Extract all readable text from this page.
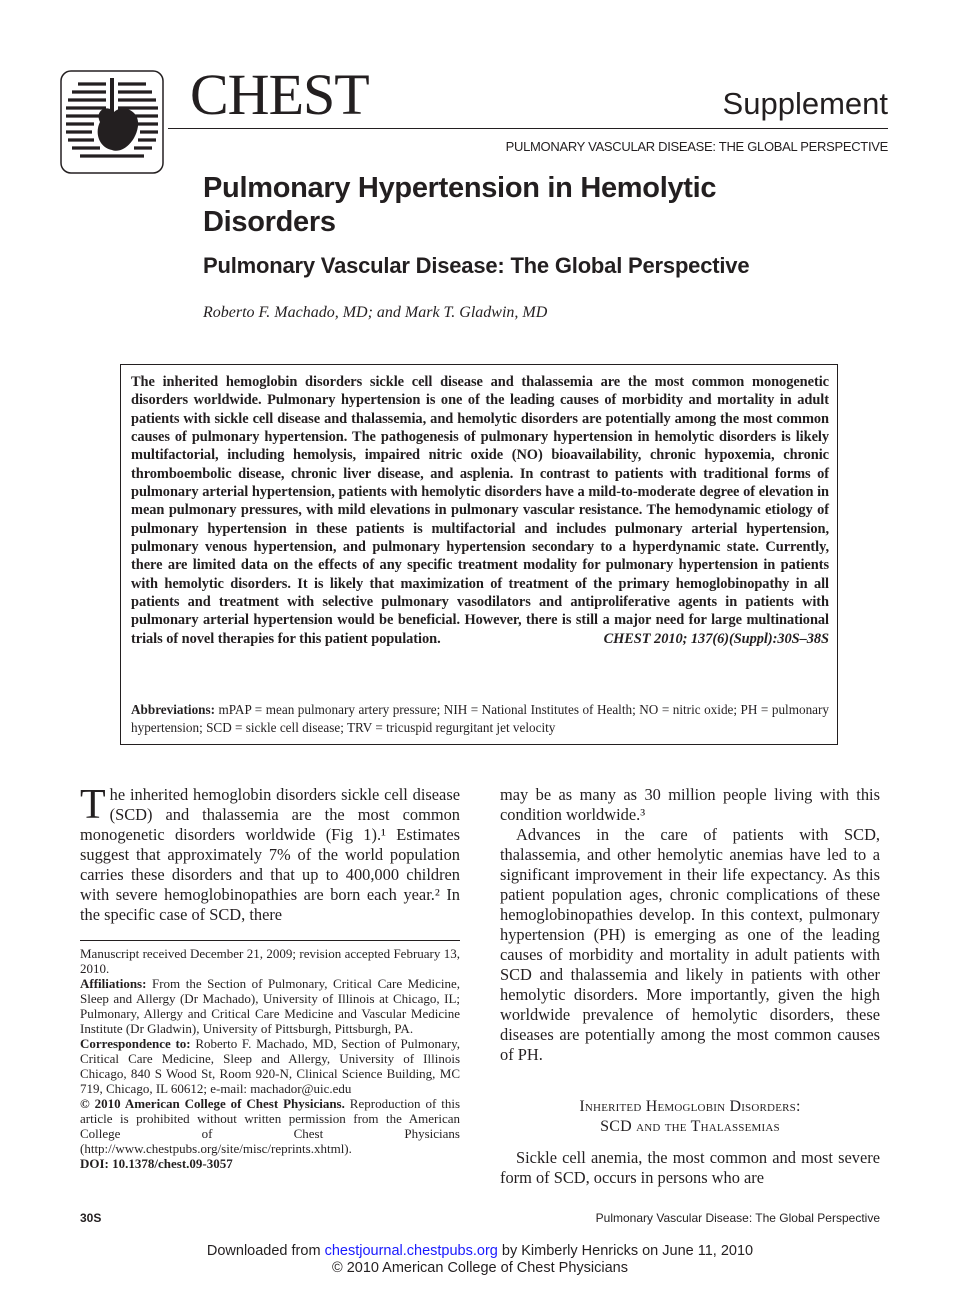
CHEST	Supplement
PULMONARY VASCULAR DISEASE: THE GLOBAL PERSPECTIVE
Pulmonary Hypertension in Hemolytic Disorders
Pulmonary Vascular Disease: The Global Perspective
Roberto F. Machado, MD; and Mark T. Gladwin, MD
The inherited hemoglobin disorders sickle cell disease and thalassemia are the most common monogenetic disorders worldwide. Pulmonary hypertension is one of the leading causes of morbidity and mortality in adult patients with sickle cell disease and thalassemia, and hemolytic disorders are potentially among the most common causes of pulmonary hypertension. The pathogenesis of pulmonary hypertension in hemolytic disorders is likely multifactorial, including hemolysis, impaired nitric oxide (NO) bioavailability, chronic hypoxemia, chronic thromboembolic disease, chronic liver disease, and asplenia. In contrast to patients with traditional forms of pulmonary arterial hypertension, patients with hemolytic disorders have a mild-to-moderate degree of elevation in mean pulmonary pressures, with mild elevations in pulmonary vascular resistance. The hemodynamic etiology of pulmonary hypertension in these patients is multifactorial and includes pulmonary arterial hypertension, pulmonary venous hypertension, and pulmonary hypertension secondary to a hyperdynamic state. Currently, there are limited data on the effects of any specific treatment modality for pulmonary hypertension in patients with hemolytic disorders. It is likely that maximization of treatment of the primary hemoglobinopathy in all patients and treatment with selective pulmonary vasodilators and antiproliferative agents in patients with pulmonary arterial hypertension would be beneficial. However, there is still a major need for large multinational trials of novel therapies for this patient population.	CHEST 2010; 137(6)(Suppl):30S–38S
Abbreviations: mPAP = mean pulmonary artery pressure; NIH = National Institutes of Health; NO = nitric oxide; PH = pulmonary hypertension; SCD = sickle cell disease; TRV = tricuspid regurgitant jet velocity
The inherited hemoglobin disorders sickle cell disease (SCD) and thalassemia are the most common monogenetic disorders worldwide (Fig 1).¹ Estimates suggest that approximately 7% of the world population carries these disorders and that up to 400,000 children with severe hemoglobinopathies are born each year.² In the specific case of SCD, there

Manuscript received December 21, 2009; revision accepted February 13, 2010.

Affiliations: From the Section of Pulmonary, Critical Care Medicine, Sleep and Allergy (Dr Machado), University of Illinois at Chicago, IL; Pulmonary, Allergy and Critical Care Medicine and Vascular Medicine Institute (Dr Gladwin), University of Pittsburgh, Pittsburgh, PA.

Correspondence to: Roberto F. Machado, MD, Section of Pulmonary, Critical Care Medicine, Sleep and Allergy, University of Illinois Chicago, 840 S Wood St, Room 920-N, Clinical Science Building, MC 719, Chicago, IL 60612; e-mail: machador@uic.edu

© 2010 American College of Chest Physicians. Reproduction of this article is prohibited without written permission from the American College of Chest Physicians (http://www.chestpubs.org/site/misc/reprints.xhtml).

DOI: 10.1378/chest.09-3057

may be as many as 30 million people living with this condition worldwide.³

Advances in the care of patients with SCD, thalassemia, and other hemolytic anemias have led to a significant improvement in their life expectancy. As this patient population ages, chronic complications of these hemoglobinopathies develop. In this context, pulmonary hypertension (PH) is emerging as one of the leading causes of morbidity and mortality in adult patients with SCD and thalassemia and likely in patients with other hemolytic disorders. More importantly, given the high worldwide prevalence of hemolytic disorders, these diseases are potentially among the most common causes of PH.

Inherited Hemoglobin Disorders:
SCD and the Thalassemias
Sickle cell anemia, the most common and most severe form of SCD, occurs in persons who are
30S	Pulmonary Vascular Disease: The Global Perspective
Downloaded from chestjournal.chestpubs.org by Kimberly Henricks on June 11, 2010
© 2010 American College of Chest Physicians
